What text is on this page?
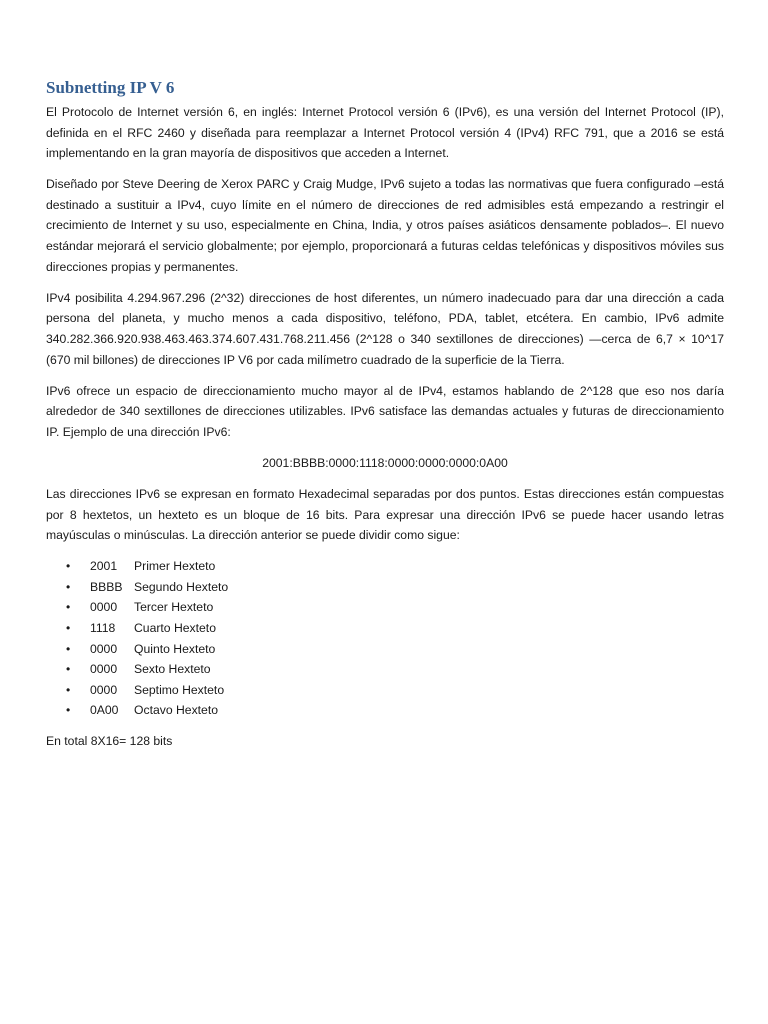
Subnetting IP V 6

El Protocolo de Internet versión 6, en inglés: Internet Protocol versión 6 (IPv6), es una versión del Internet Protocol (IP), definida en el RFC 2460 y diseñada para reemplazar a Internet Protocol versión 4 (IPv4) RFC 791, que a 2016 se está implementando en la gran mayoría de dispositivos que acceden a Internet.

Diseñado por Steve Deering de Xerox PARC y Craig Mudge, IPv6 sujeto a todas las normativas que fuera configurado –está destinado a sustituir a IPv4, cuyo límite en el número de direcciones de red admisibles está empezando a restringir el crecimiento de Internet y su uso, especialmente en China, India, y otros países asiáticos densamente poblados–. El nuevo estándar mejorará el servicio globalmente; por ejemplo, proporcionará a futuras celdas telefónicas y dispositivos móviles sus direcciones propias y permanentes.

IPv4 posibilita 4.294.967.296 (2^32) direcciones de host diferentes, un número inadecuado para dar una dirección a cada persona del planeta, y mucho menos a cada dispositivo, teléfono, PDA, tablet, etcétera. En cambio, IPv6 admite 340.282.366.920.938.463.463.374.607.431.768.211.456 (2^128 o 340 sextillones de direcciones) —cerca de 6,7 × 10^17 (670 mil billones) de direcciones IP V6 por cada milímetro cuadrado de la superficie de la Tierra.

IPv6 ofrece un espacio de direccionamiento mucho mayor al de IPv4, estamos hablando de 2^128 que eso nos daría alrededor de 340 sextillones de direcciones utilizables. IPv6 satisface las demandas actuales y futuras de direccionamiento IP. Ejemplo de una dirección IPv6:

2001:BBBB:0000:1118:0000:0000:0000:0A00

Las direcciones IPv6 se expresan en formato Hexadecimal separadas por dos puntos. Estas direcciones están compuestas por 8 hextetos, un hexteto es un bloque de 16 bits. Para expresar una dirección IPv6 se puede hacer usando letras mayúsculas o minúsculas. La dirección anterior se puede dividir como sigue:

• 2001 Primer Hexteto
• BBBB Segundo Hexteto
• 0000 Tercer Hexteto
• 1118 Cuarto Hexteto
• 0000 Quinto Hexteto
• 0000 Sexto Hexteto
• 0000 Septimo Hexteto
• 0A00 Octavo Hexteto

En total 8X16= 128 bits
